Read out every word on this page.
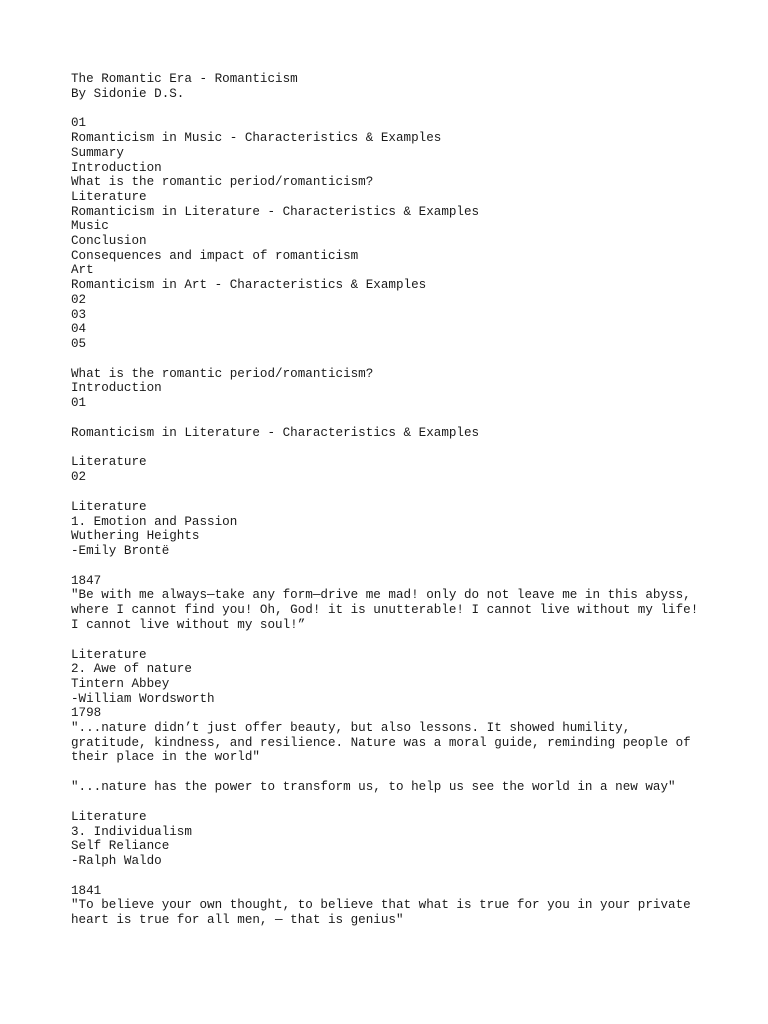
The Romantic Era - Romanticism
By Sidonie D.S.
01
Romanticism in Music - Characteristics & Examples
Summary
Introduction
What is the romantic period/romanticism?
Literature
Romanticism in Literature - Characteristics & Examples
Music
Conclusion
Consequences and impact of romanticism
Art
Romanticism in Art - Characteristics & Examples
02
03
04
05
What is the romantic period/romanticism?
Introduction
01
Romanticism in Literature - Characteristics & Examples
Literature
02
Literature
1. Emotion and Passion
Wuthering Heights
-Emily Brontë
1847
"Be with me always—take any form—drive me mad! only do not leave me in this abyss,
where I cannot find you! Oh, God! it is unutterable! I cannot live without my life!
I cannot live without my soul!”
Literature
2. Awe of nature
Tintern Abbey
-William Wordsworth
1798
"...nature didn’t just offer beauty, but also lessons. It showed humility,
gratitude, kindness, and resilience. Nature was a moral guide, reminding people of
their place in the world"
"...nature has the power to transform us, to help us see the world in a new way"
Literature
3. Individualism
Self Reliance
-Ralph Waldo
1841
"To believe your own thought, to believe that what is true for you in your private
heart is true for all men, — that is genius"
